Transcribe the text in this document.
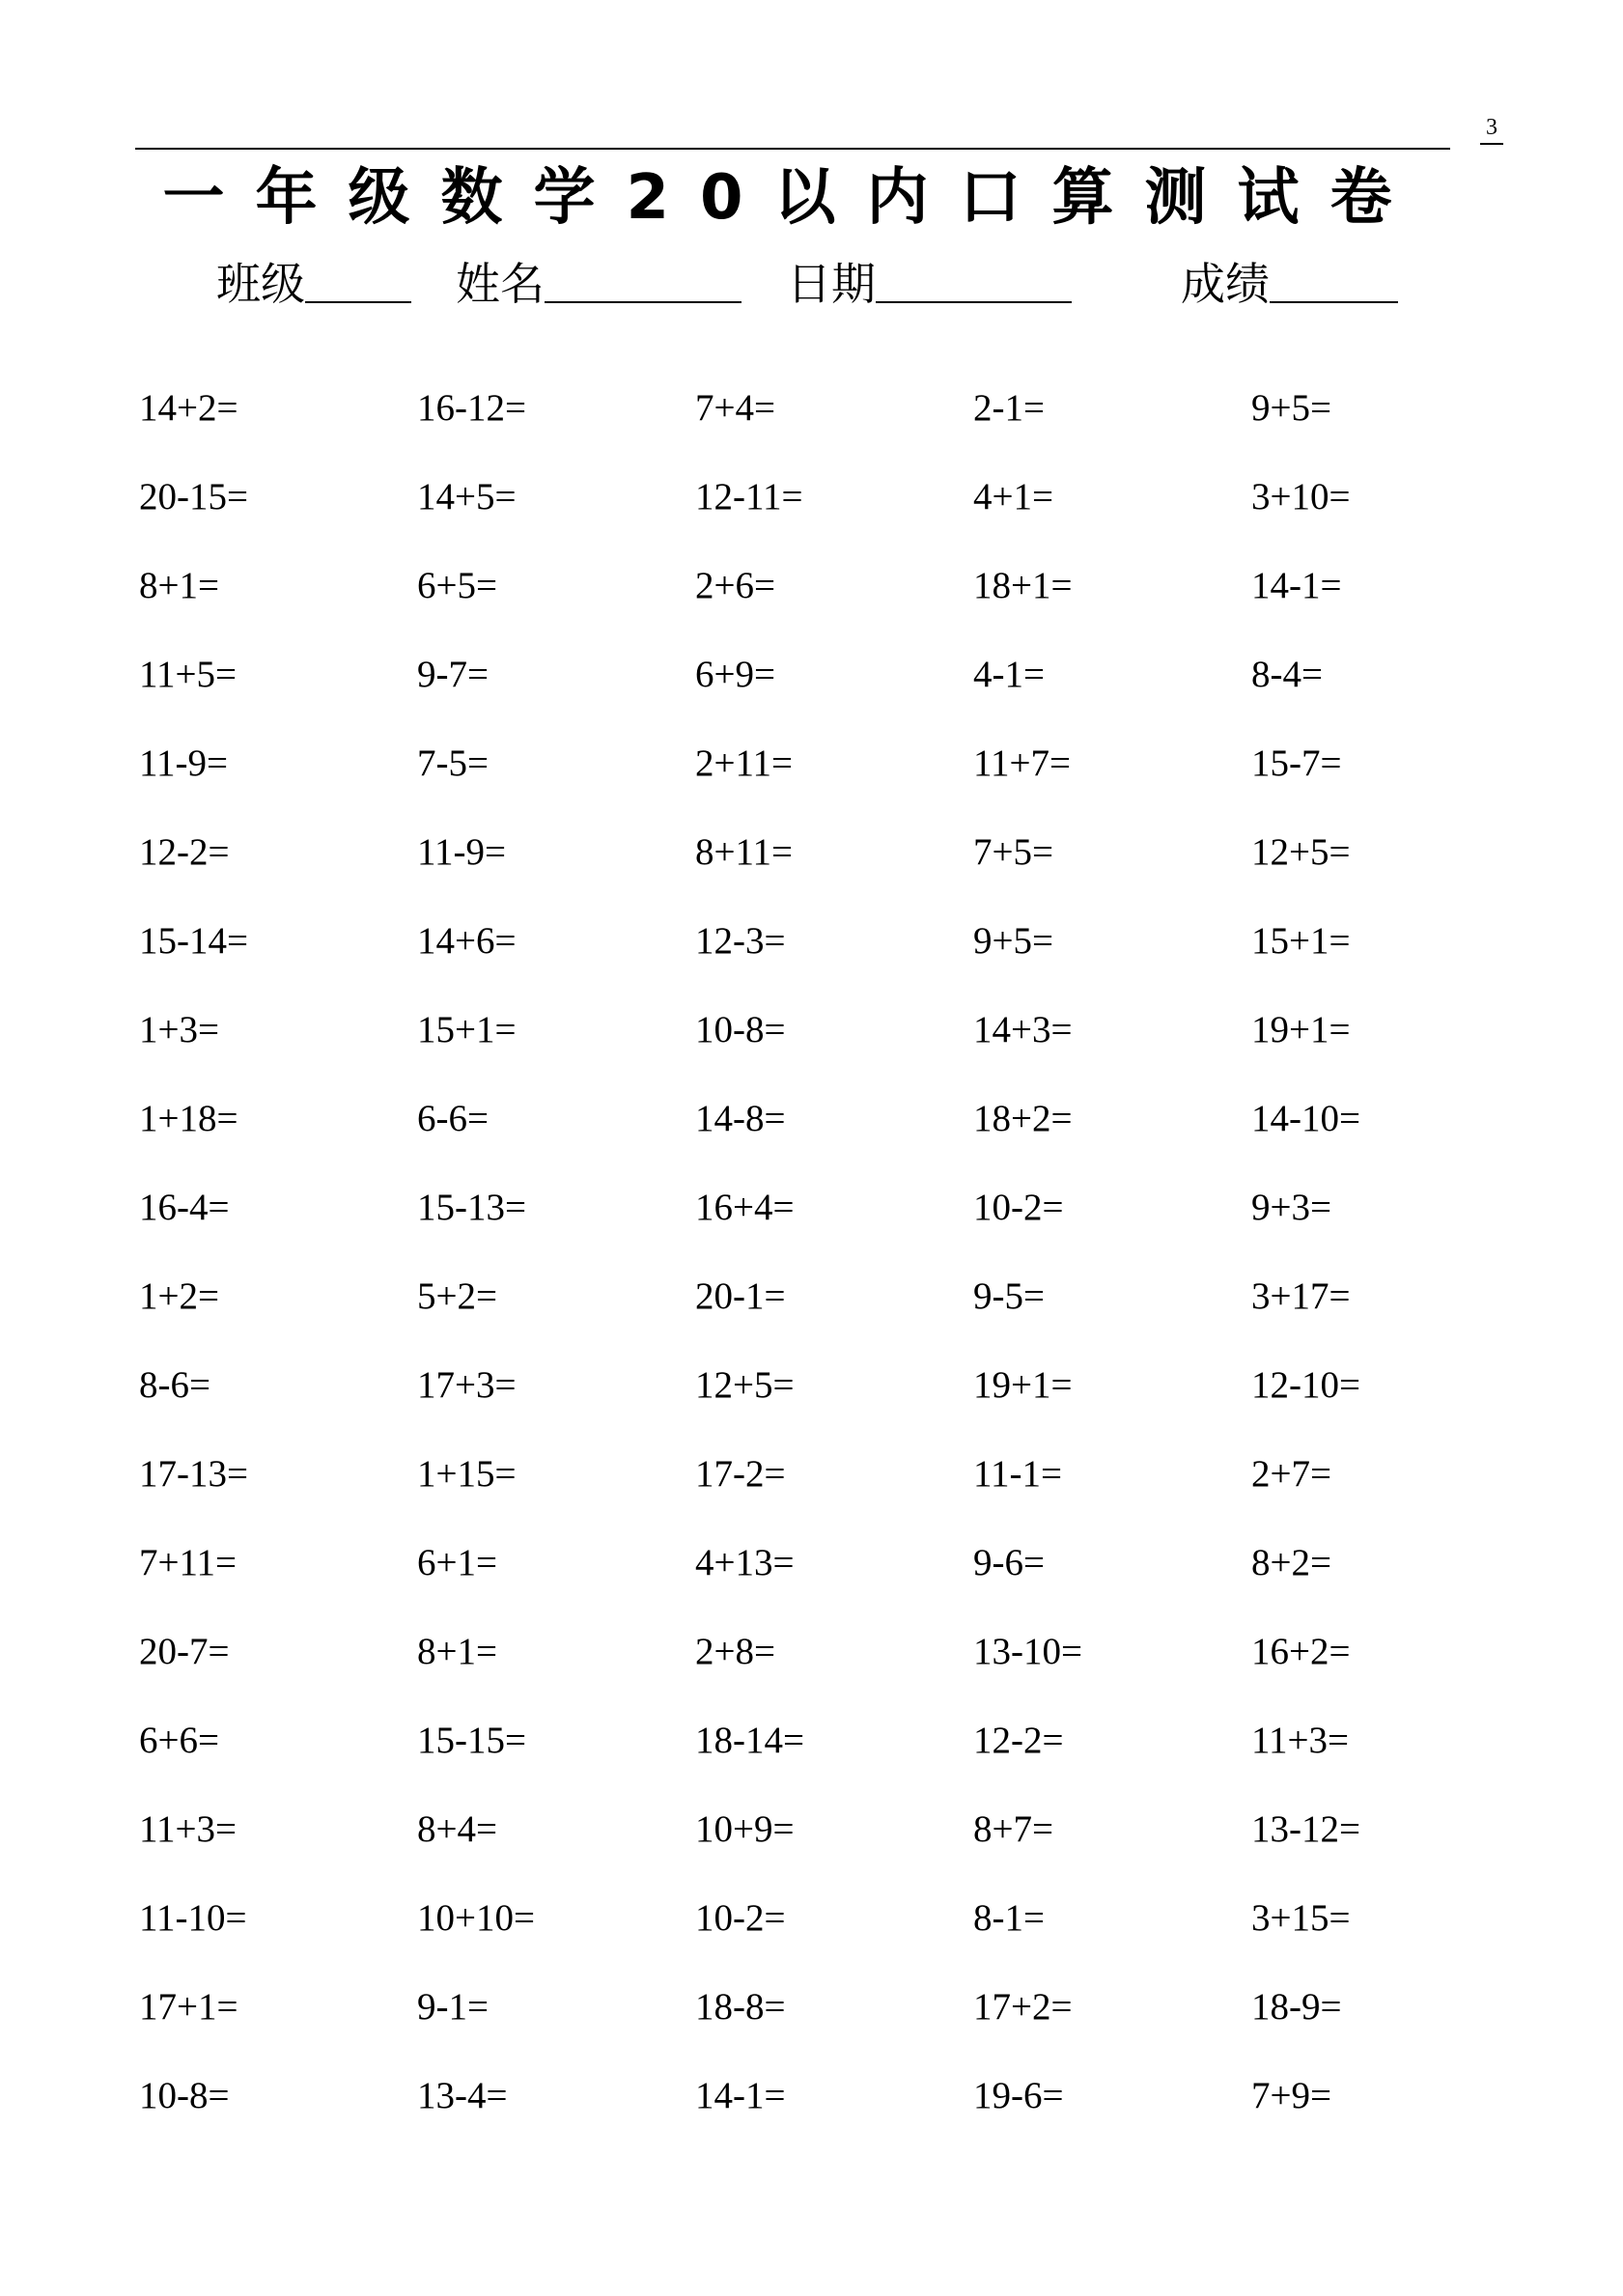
3
一年级数学20以内口算测试卷
班级	姓名	日期	成绩
14+2=	16-12=	7+4=	2-1=	9+5=
20-15=	14+5=	12-11=	4+1=	3+10=
8+1=	6+5=	2+6=	18+1=	14-1=
11+5=	9-7=	6+9=	4-1=	8-4=
11-9=	7-5=	2+11=	11+7=	15-7=
12-2=	11-9=	8+11=	7+5=	12+5=
15-14=	14+6=	12-3=	9+5=	15+1=
1+3=	15+1=	10-8=	14+3=	19+1=
1+18=	6-6=	14-8=	18+2=	14-10=
16-4=	15-13=	16+4=	10-2=	9+3=
1+2=	5+2=	20-1=	9-5=	3+17=
8-6=	17+3=	12+5=	19+1=	12-10=
17-13=	1+15=	17-2=	11-1=	2+7=
7+11=	6+1=	4+13=	9-6=	8+2=
20-7=	8+1=	2+8=	13-10=	16+2=
6+6=	15-15=	18-14=	12-2=	11+3=
11+3=	8+4=	10+9=	8+7=	13-12=
11-10=	10+10=	10-2=	8-1=	3+15=
17+1=	9-1=	18-8=	17+2=	18-9=
10-8=	13-4=	14-1=	19-6=	7+9=
